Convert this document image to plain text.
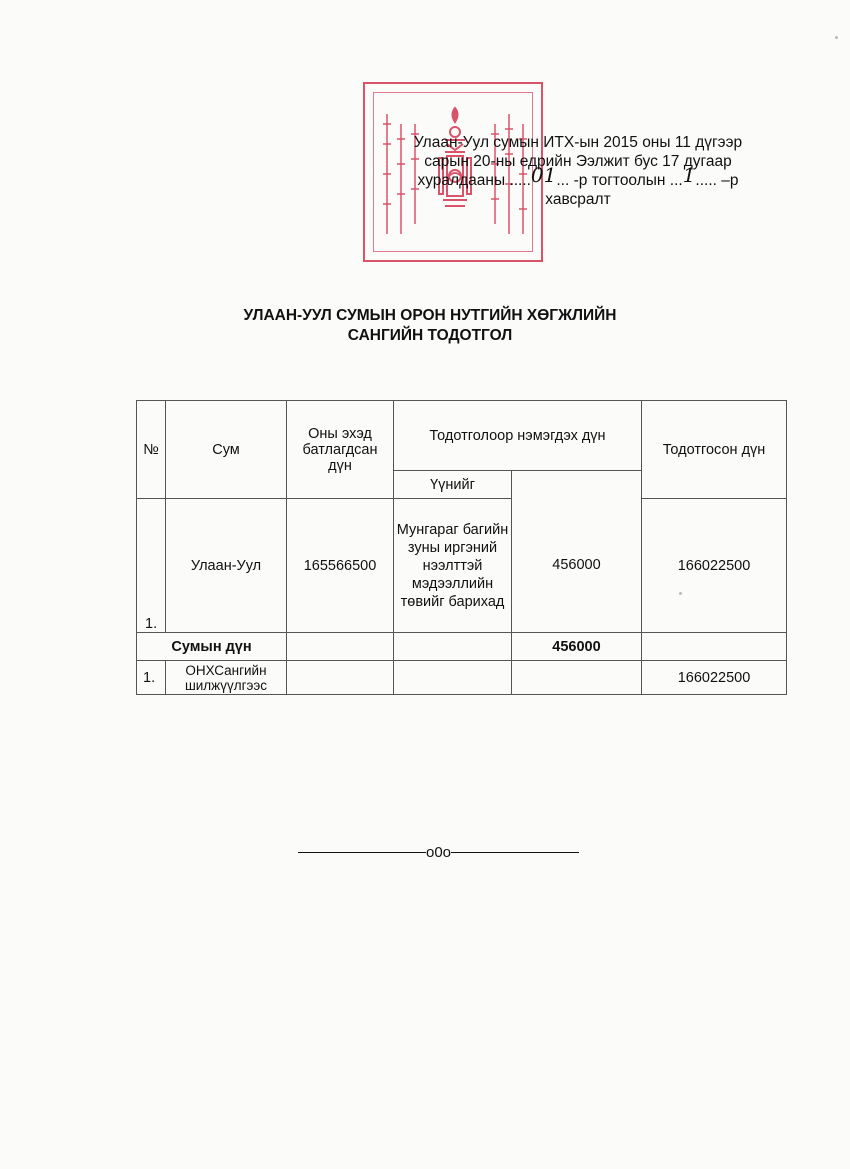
Улаан-Уул сумын ИТХ-ын 2015 оны 11 дүгээр
сарын 20-ны едрийн Ээлжит бус 17 дугаар
хуралдааны .....01... -р тогтоолын ...1..... –р
хавсралт
УЛААН-УУЛ СУМЫН ОРОН НУТГИЙН ХӨГЖЛИЙН
САНГИЙН ТОДОТГОЛ
№	Сум	Оны эхэд батлагдсан дүн	Тодотголоор нэмэгдэх дүн		Тодотгосон дүн
			Үүнийг		
1.	Улаан-Уул	165566500	Мунгараг багийн зуны иргэний нээлттэй мэдээллийн төвийг барихад	456000	166022500
Сумын дүн				456000	
1.	ОНХСангийн шилжүүлгээс				166022500
o0o
